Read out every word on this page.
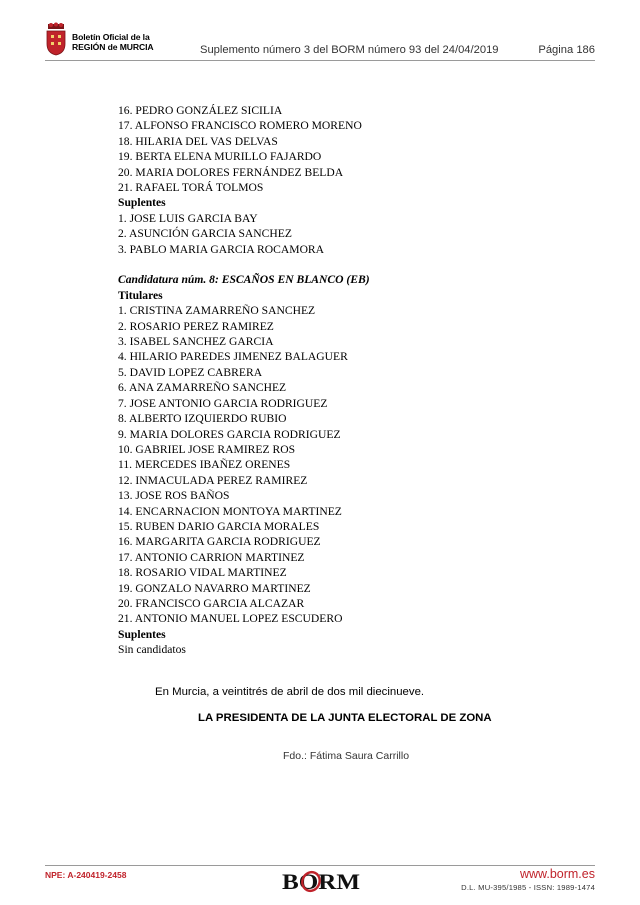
Boletín Oficial de la
REGIÓN de MURCIA	Suplemento número 3 del BORM número 93 del 24/04/2019	Página 186
16. PEDRO GONZÁLEZ SICILIA
17. ALFONSO FRANCISCO ROMERO MORENO
18. HILARIA DEL VAS DELVAS
19. BERTA ELENA MURILLO FAJARDO
20. MARIA DOLORES FERNÁNDEZ BELDA
21. RAFAEL TORÁ TOLMOS
Suplentes
1. JOSE LUIS GARCIA BAY
2. ASUNCIÓN GARCIA SANCHEZ
3. PABLO MARIA GARCIA ROCAMORA
Candidatura núm. 8: ESCAÑOS EN BLANCO (EB)
Titulares
1. CRISTINA ZAMARREÑO SANCHEZ
2. ROSARIO PEREZ RAMIREZ
3. ISABEL SANCHEZ GARCIA
4. HILARIO PAREDES JIMENEZ BALAGUER
5. DAVID LOPEZ CABRERA
6. ANA ZAMARREÑO SANCHEZ
7. JOSE ANTONIO GARCIA RODRIGUEZ
8. ALBERTO IZQUIERDO RUBIO
9. MARIA DOLORES GARCIA RODRIGUEZ
10. GABRIEL JOSE RAMIREZ ROS
11. MERCEDES IBAÑEZ ORENES
12. INMACULADA PEREZ RAMIREZ
13. JOSE ROS BAÑOS
14. ENCARNACION MONTOYA MARTINEZ
15. RUBEN DARIO GARCIA MORALES
16. MARGARITA GARCIA RODRIGUEZ
17. ANTONIO CARRION MARTINEZ
18. ROSARIO VIDAL MARTINEZ
19. GONZALO NAVARRO MARTINEZ
20. FRANCISCO GARCIA ALCAZAR
21. ANTONIO MANUEL LOPEZ ESCUDERO
Suplentes
Sin candidatos
En Murcia, a veintitrés de abril de dos mil diecinueve.
LA PRESIDENTA DE LA JUNTA ELECTORAL DE ZONA
Fdo.: Fátima Saura Carrillo
NPE: A-240419-2458	BORM	www.borm.es
D.L. MU-395/1985 - ISSN: 1989-1474
